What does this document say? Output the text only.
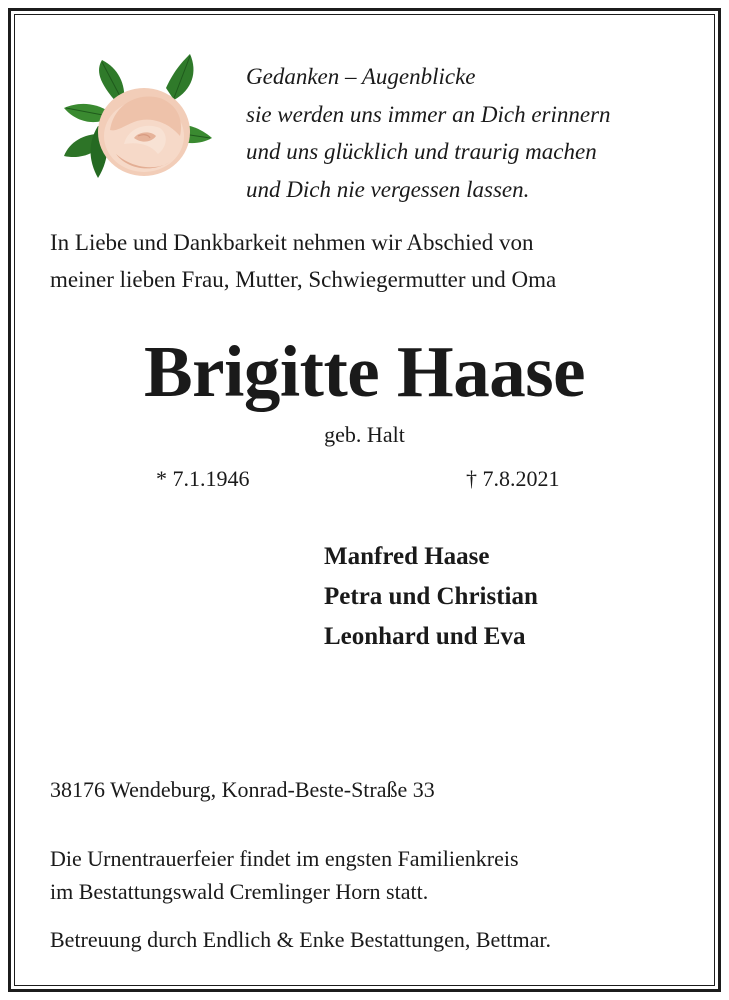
Gedanken – Augenblicke
sie werden uns immer an Dich erinnern
und uns glücklich und traurig machen
und Dich nie vergessen lassen.
In Liebe und Dankbarkeit nehmen wir Abschied von
meiner lieben Frau, Mutter, Schwiegermutter und Oma
Brigitte Haase
geb. Halt
* 7.1.1946	† 7.8.2021
Manfred Haase
Petra und Christian
Leonhard und Eva
38176 Wendeburg, Konrad-Beste-Straße 33
Die Urnentrauerfeier findet im engsten Familienkreis
im Bestattungswald Cremlinger Horn statt.
Betreuung durch Endlich & Enke Bestattungen, Bettmar.
